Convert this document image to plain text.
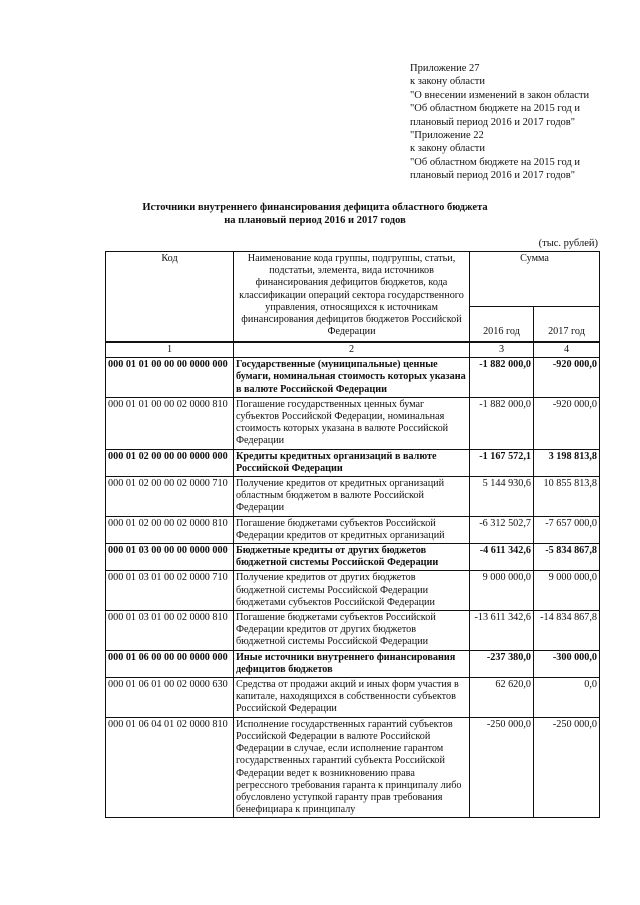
Приложение 27
к закону области
"О внесении изменений в закон области
"Об областном бюджете на 2015 год и
плановый период 2016 и 2017 годов"
"Приложение 22
к закону области
"Об областном бюджете на 2015 год и
плановый период 2016 и 2017 годов"
Источники внутреннего финансирования дефицита областного бюджета
на плановый период 2016 и 2017 годов
(тыс. рублей)
Код	Наименование кода группы, подгруппы, статьи, подстатьи, элемента, вида источников финансирования дефицитов бюджетов, кода классификации операций сектора государственного управления, относящихся к источникам финансирования дефицитов бюджетов Российской Федерации	Сумма	
		2016 год	2017 год
1	2	3	4
000 01 01 00 00 00 0000 000	Государственные (муниципальные) ценные бумаги, номинальная стоимость которых указана в валюте Российской Федерации	-1 882 000,0	-920 000,0
000 01 01 00 00 02 0000 810	Погашение государственных ценных бумаг субъектов Российской Федерации, номинальная стоимость которых указана в валюте Российской Федерации	-1 882 000,0	-920 000,0
000 01 02 00 00 00 0000 000	Кредиты кредитных организаций в валюте Российской Федерации	-1 167 572,1	3 198 813,8
000 01 02 00 00 02 0000 710	Получение кредитов от кредитных организаций областным бюджетом в валюте Российской Федерации	5 144 930,6	10 855 813,8
000 01 02 00 00 02 0000 810	Погашение бюджетами субъектов Российской Федерации кредитов от кредитных организаций	-6 312 502,7	-7 657 000,0
000 01 03 00 00 00 0000 000	Бюджетные кредиты от других бюджетов бюджетной системы Российской Федерации	-4 611 342,6	-5 834 867,8
000 01 03 01 00 02 0000 710	Получение кредитов от других бюджетов бюджетной системы Российской Федерации бюджетами субъектов Российской Федерации	9 000 000,0	9 000 000,0
000 01 03 01 00 02 0000 810	Погашение бюджетами субъектов Российской Федерации кредитов от других бюджетов бюджетной системы Российской Федерации	-13 611 342,6	-14 834 867,8
000 01 06 00 00 00 0000 000	Иные источники внутреннего финансирования дефицитов бюджетов	-237 380,0	-300 000,0
000 01 06 01 00 02 0000 630	Средства от продажи акций и иных форм участия в капитале, находящихся в собственности субъектов Российской Федерации	62 620,0	0,0
000 01 06 04 01 02 0000 810	Исполнение государственных гарантий субъектов Российской Федерации в валюте Российской Федерации в случае, если исполнение гарантом государственных гарантий субъекта Российской Федерации ведет к возникновению права регрессного требования гаранта к принципалу либо обусловлено уступкой гаранту прав требования бенефициара к принципалу	-250 000,0	-250 000,0
